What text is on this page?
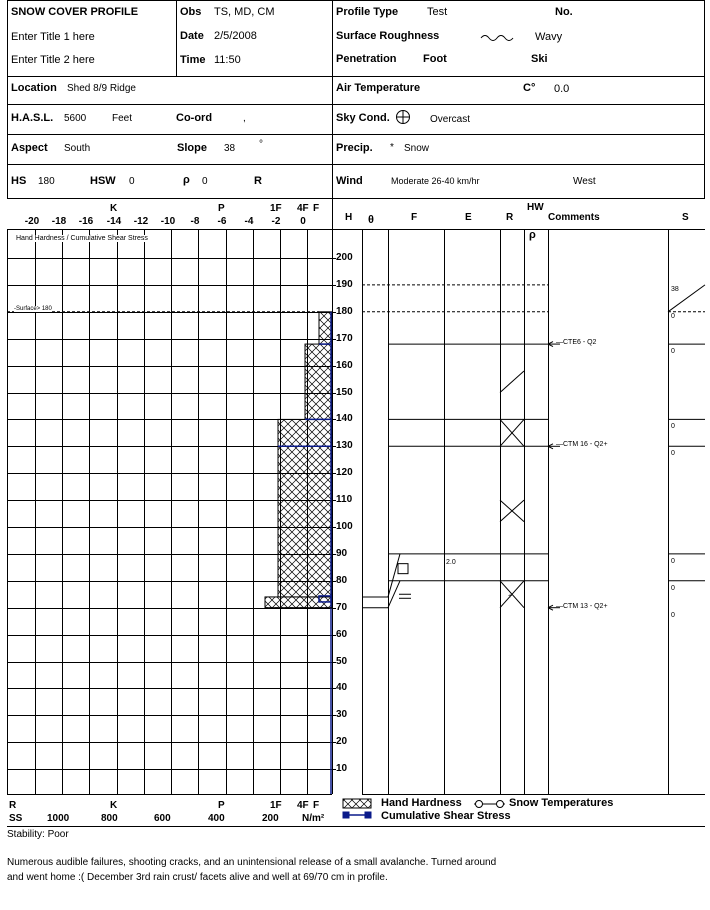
SNOW COVER PROFILE
Enter Title 1 here
Enter Title 2 here
Obs TS, MD, CM
Date 2/5/2008
Time 11:50
Profile Type	Test	No.
Surface Roughness	Wavy
Penetration Foot	Ski
Location Shed 8/9 Ridge	Air Temperature	C° 0.0
H.A.S.L. 5600	Feet	Co-ord	,	Sky Cond.	Overcast
Aspect South	Slope 38 °	Precip. * Snow
HS 180	HSW 0	ρ 0	R	Wind	Moderate 26-40 km/hr	West
K	P	1F 4F F
-20 -18 -16 -14 -12 -10	-8	-6	-4	-2	0	H θ	F	E	R
HW
ρ
Comments	S
Hand Hardness / Cumulative Shear Stress
-Surface> 180
200
190
180
170
160
150
140
130
120
110
100
90
80
70
60
50
40
30
20
10
—CTE6 - Q2
—CTM 16 - Q2+
—CTM 13 - Q2+
38
0
0
0
0
0
0
0
2.0
+
R
SS
K	P	1F 4F F
1000	800	600	400	200 N/m²
Hand Hardness	Snow Temperatures
Cumulative Shear Stress
Stability: Poor
Numerous audible failures, shooting cracks, and an unintensional release of a small avalanche. Turned around
and went home :( December 3rd rain crust/ facets alive and well at 69/70 cm in profile.
